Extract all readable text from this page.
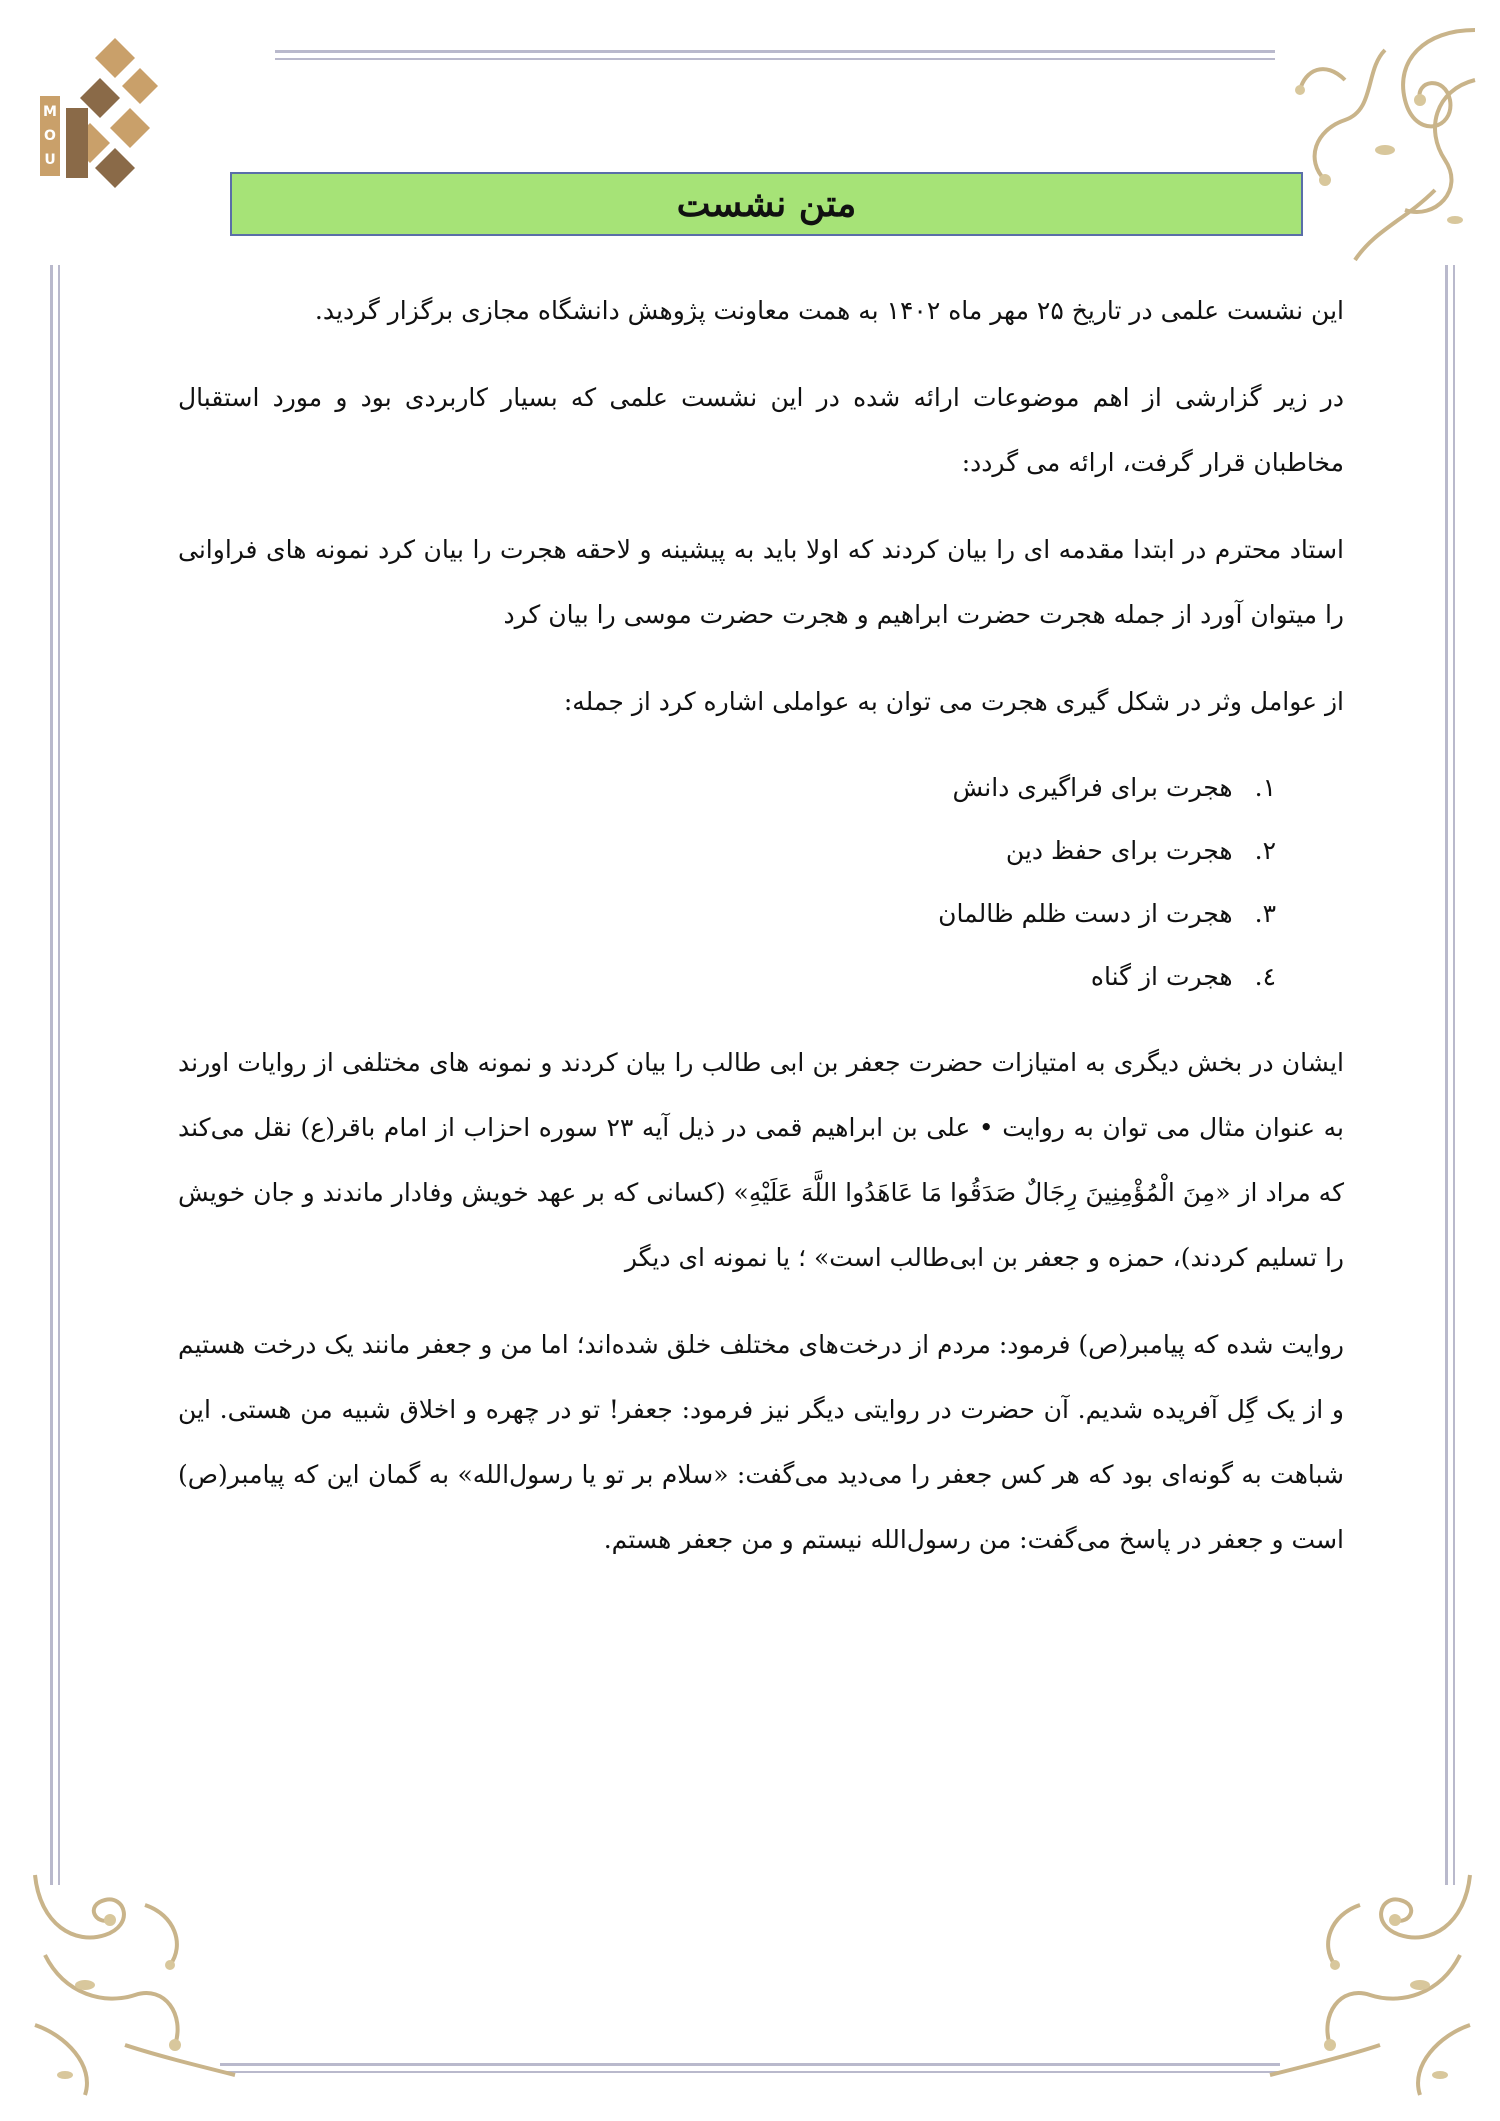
M
O
U
متن نشست

این نشست علمی در تاریخ ۲۵ مهر ماه ۱۴۰۲ به همت معاونت پژوهش دانشگاه مجازی برگزار گردید.

در زیر گزارشی از اهم موضوعات ارائه شده در این نشست علمی که بسیار کاربردی بود و مورد استقبال مخاطبان قرار گرفت، ارائه می گردد:

استاد محترم در ابتدا مقدمه ای را بیان کردند که اولا باید به پیشینه و لاحقه هجرت را بیان کرد نمونه های فراوانی را میتوان آورد از جمله هجرت حضرت ابراهیم و هجرت حضرت موسی را بیان کرد

از عوامل وثر در شکل گیری هجرت می توان به عواملی اشاره کرد از جمله:

۱.هجرت برای فراگیری دانش
۲.هجرت برای حفظ دین
۳.هجرت از دست ظلم ظالمان
٤.هجرت از گناه

ایشان در بخش دیگری به امتیازات حضرت جعفر بن ابی طالب را بیان کردند و نمونه های مختلفی از روایات اورند به عنوان مثال می توان به روایت • علی بن ابراهیم قمی در ذیل آیه ۲۳ سوره احزاب از امام باقر(ع) نقل می‌کند که مراد از «مِنَ الْمُؤْمِنِینَ رِجَالٌ صَدَقُوا مَا عَاهَدُوا اللَّهَ عَلَیْهِ» (کسانی که بر عهد خویش وفادار ماندند و جان خویش را تسلیم کردند)، حمزه و جعفر بن ابی‌طالب است» ؛ یا نمونه ای دیگر

روایت شده که پیامبر(ص) فرمود: مردم از درخت‌های مختلف خلق شده‌اند؛ اما من و جعفر مانند یک درخت هستیم و از یک گِل آفریده شدیم. آن حضرت در روایتی دیگر نیز فرمود: جعفر! تو در چهره و اخلاق شبیه من هستی. این شباهت به گونه‌ای بود که هر کس جعفر را می‌دید می‌گفت: «سلام بر تو یا رسول‌الله» به گمان این که پیامبر(ص) است و جعفر در پاسخ می‌گفت: من رسول‌الله نیستم و من جعفر هستم.
